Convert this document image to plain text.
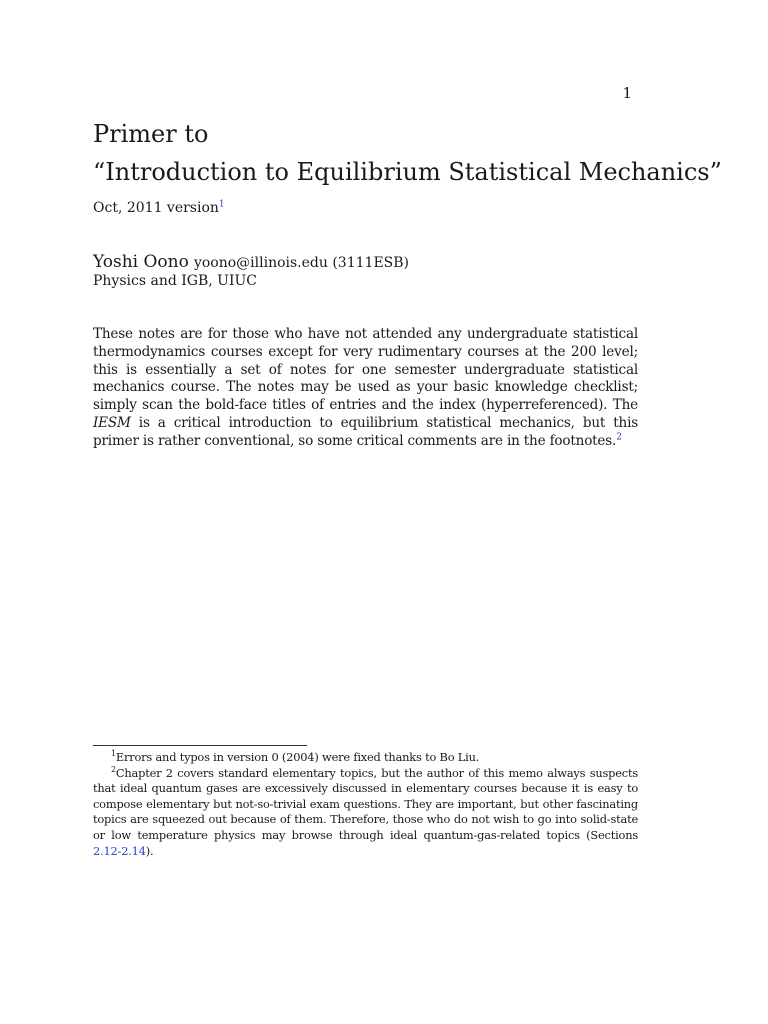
1
Primer to
“Introduction to Equilibrium Statistical Mechanics”
Oct, 2011 version$^1$
Yoshi Oono yoono@illinois.edu (3111ESB)
Physics and IGB, UIUC
These notes are for those who have not attended any undergraduate statistical thermodynamics courses except for very rudimentary courses at the 200 level; this is essentially a set of notes for one semester undergraduate statistical mechanics course. The notes may be used as your basic knowledge checklist; simply scan the bold-face titles of entries and the index (hyperreferenced). The IESM is a critical introduction to equilibrium statistical mechanics, but this primer is rather conventional, so some critical comments are in the footnotes.$^2$

$^1$Errors and typos in version 0 (2004) were fixed thanks to Bo Liu.

$^2$Chapter 2 covers standard elementary topics, but the author of this memo always suspects that ideal quantum gases are excessively discussed in elementary courses because it is easy to compose elementary but not-so-trivial exam questions. They are important, but other fascinating topics are squeezed out because of them. Therefore, those who do not wish to go into solid-state or low temperature physics may browse through ideal quantum-gas-related topics (Sections 2.12-2.14).
